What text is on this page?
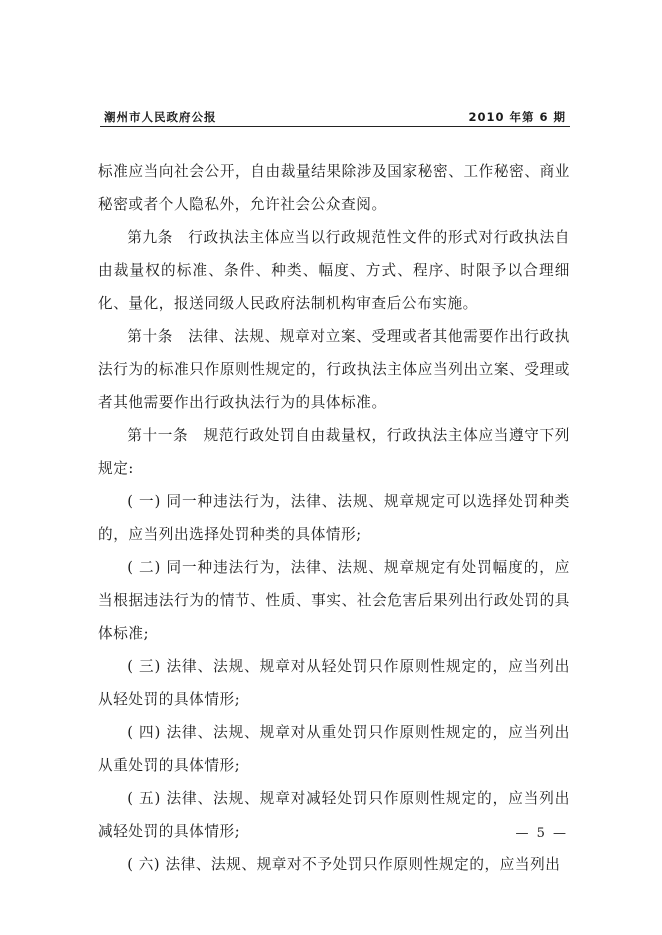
潮州市人民政府公报	2010 年第 6 期

标准应当向社会公开，自由裁量结果除涉及国家秘密、工作秘密、商业秘密或者个人隐私外，允许社会公众查阅。

第九条　行政执法主体应当以行政规范性文件的形式对行政执法自由裁量权的标准、条件、种类、幅度、方式、程序、时限予以合理细化、量化，报送同级人民政府法制机构审查后公布实施。

第十条　法律、法规、规章对立案、受理或者其他需要作出行政执法行为的标准只作原则性规定的，行政执法主体应当列出立案、受理或者其他需要作出行政执法行为的具体标准。

第十一条　规范行政处罚自由裁量权，行政执法主体应当遵守下列规定:

( 一) 同一种违法行为，法律、法规、规章规定可以选择处罚种类的，应当列出选择处罚种类的具体情形;

( 二) 同一种违法行为，法律、法规、规章规定有处罚幅度的，应当根据违法行为的情节、性质、事实、社会危害后果列出行政处罚的具体标准;

( 三) 法律、法规、规章对从轻处罚只作原则性规定的，应当列出从轻处罚的具体情形;

( 四) 法律、法规、规章对从重处罚只作原则性规定的，应当列出从重处罚的具体情形;

( 五) 法律、法规、规章对减轻处罚只作原则性规定的，应当列出减轻处罚的具体情形;

( 六) 法律、法规、规章对不予处罚只作原则性规定的，应当列出

— 5 —
